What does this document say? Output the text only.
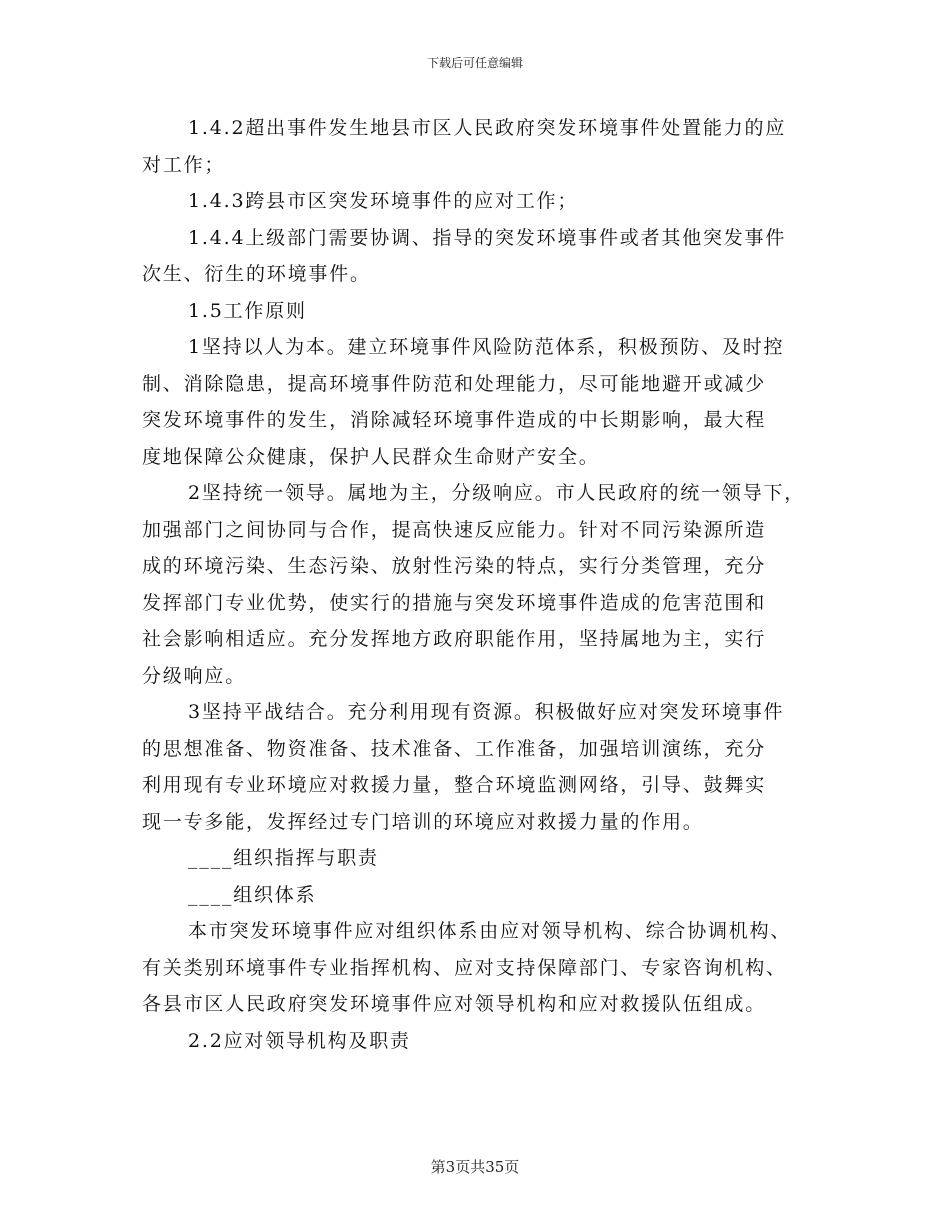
下载后可任意编辑
1.4.2超出事件发生地县市区人民政府突发环境事件处置能力的应
对工作；
1.4.3跨县市区突发环境事件的应对工作；
1.4.4上级部门需要协调、指导的突发环境事件或者其他突发事件
次生、衍生的环境事件。
1.5工作原则
1坚持以人为本。建立环境事件风险防范体系，积极预防、及时控
制、消除隐患，提高环境事件防范和处理能力，尽可能地避开或减少
突发环境事件的发生，消除减轻环境事件造成的中长期影响，最大程
度地保障公众健康，保护人民群众生命财产安全。
2坚持统一领导。属地为主，分级响应。市人民政府的统一领导下，
加强部门之间协同与合作，提高快速反应能力。针对不同污染源所造
成的环境污染、生态污染、放射性污染的特点，实行分类管理，充分
发挥部门专业优势，使实行的措施与突发环境事件造成的危害范围和
社会影响相适应。充分发挥地方政府职能作用，坚持属地为主，实行
分级响应。
3坚持平战结合。充分利用现有资源。积极做好应对突发环境事件
的思想准备、物资准备、技术准备、工作准备，加强培训演练，充分
利用现有专业环境应对救援力量，整合环境监测网络，引导、鼓舞实
现一专多能，发挥经过专门培训的环境应对救援力量的作用。
____组织指挥与职责
____组织体系
本市突发环境事件应对组织体系由应对领导机构、综合协调机构、
有关类别环境事件专业指挥机构、应对支持保障部门、专家咨询机构、
各县市区人民政府突发环境事件应对领导机构和应对救援队伍组成。
2.2应对领导机构及职责
第3页共35页
